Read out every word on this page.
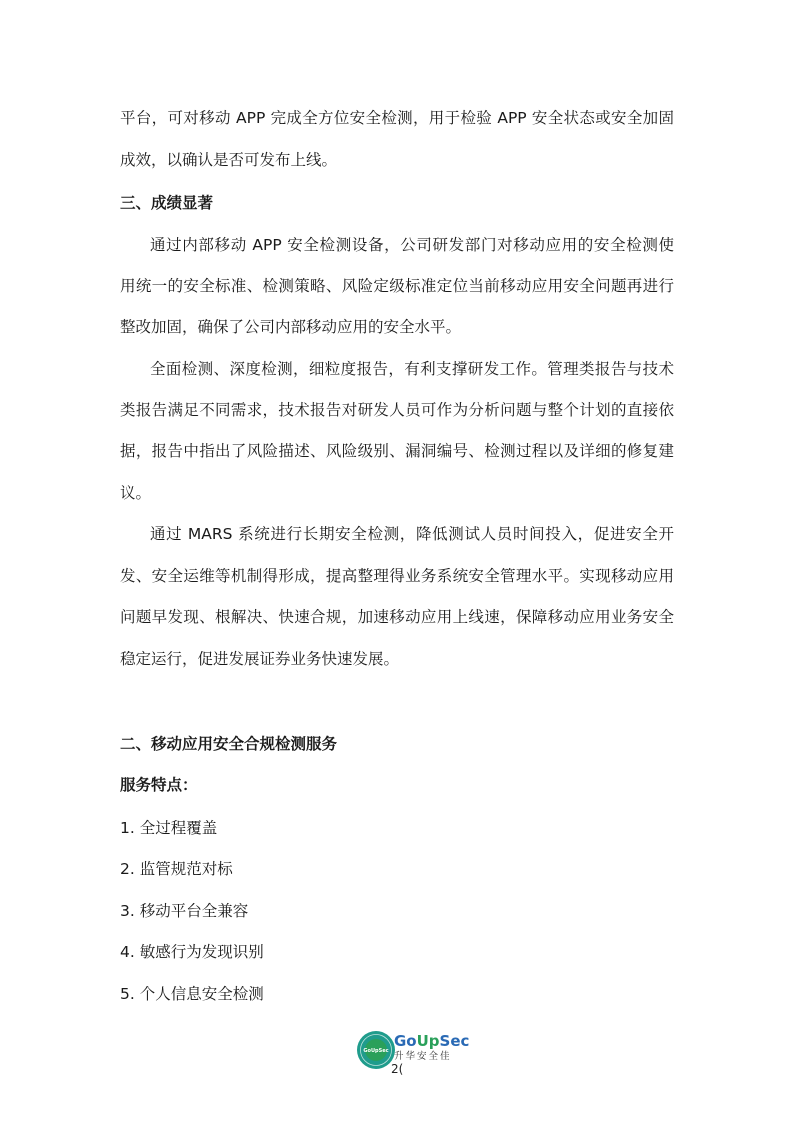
平台，可对移动 APP 完成全方位安全检测，用于检验 APP 安全状态或安全加固
成效，以确认是否可发布上线。
三、成绩显著
通过内部移动 APP 安全检测设备，公司研发部门对移动应用的安全检测使
用统一的安全标准、检测策略、风险定级标准定位当前移动应用安全问题再进行
整改加固，确保了公司内部移动应用的安全水平。
全面检测、深度检测，细粒度报告，有利支撑研发工作。管理类报告与技术
类报告满足不同需求，技术报告对研发人员可作为分析问题与整个计划的直接依
据，报告中指出了风险描述、风险级别、漏洞编号、检测过程以及详细的修复建
议。
通过 MARS 系统进行长期安全检测，降低测试人员时间投入，促进安全开
发、安全运维等机制得形成，提高整理得业务系统安全管理水平。实现移动应用
问题早发现、根解决、快速合规，加速移动应用上线速，保障移动应用业务安全
稳定运行，促进发展证券业务快速发展。
二、移动应用安全合规检测服务
服务特点：
1. 全过程覆盖
2. 监管规范对标
3. 移动平台全兼容
4. 敏感行为发现识别
5. 个人信息安全检测
GoUpSec
GoUpSec
升华安全佳
2(
